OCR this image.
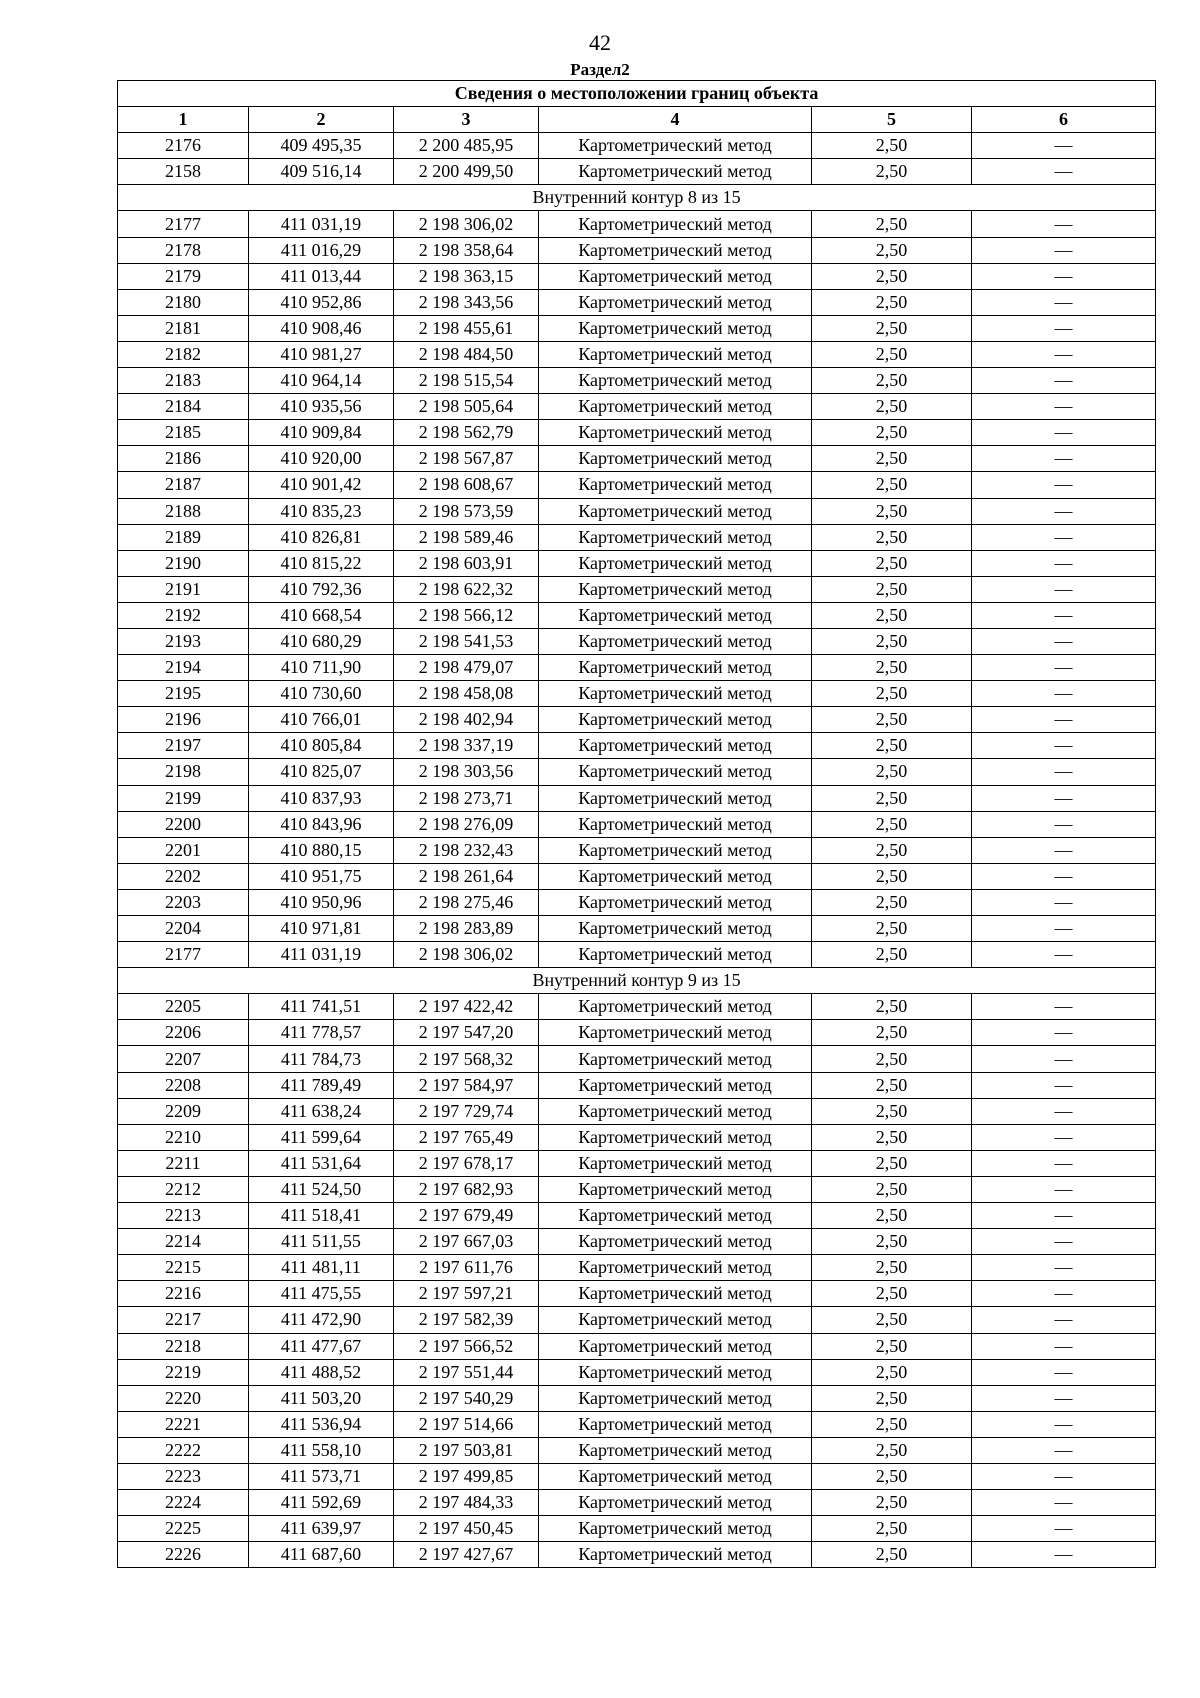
42
Раздел2
Сведения о местоположении границ объекта					
1	2	3	4	5	6
2176	409 495,35	2 200 485,95	Картометрический метод	2,50	—
2158	409 516,14	2 200 499,50	Картометрический метод	2,50	—
Внутренний контур 8 из 15					
2177	411 031,19	2 198 306,02	Картометрический метод	2,50	—
2178	411 016,29	2 198 358,64	Картометрический метод	2,50	—
2179	411 013,44	2 198 363,15	Картометрический метод	2,50	—
2180	410 952,86	2 198 343,56	Картометрический метод	2,50	—
2181	410 908,46	2 198 455,61	Картометрический метод	2,50	—
2182	410 981,27	2 198 484,50	Картометрический метод	2,50	—
2183	410 964,14	2 198 515,54	Картометрический метод	2,50	—
2184	410 935,56	2 198 505,64	Картометрический метод	2,50	—
2185	410 909,84	2 198 562,79	Картометрический метод	2,50	—
2186	410 920,00	2 198 567,87	Картометрический метод	2,50	—
2187	410 901,42	2 198 608,67	Картометрический метод	2,50	—
2188	410 835,23	2 198 573,59	Картометрический метод	2,50	—
2189	410 826,81	2 198 589,46	Картометрический метод	2,50	—
2190	410 815,22	2 198 603,91	Картометрический метод	2,50	—
2191	410 792,36	2 198 622,32	Картометрический метод	2,50	—
2192	410 668,54	2 198 566,12	Картометрический метод	2,50	—
2193	410 680,29	2 198 541,53	Картометрический метод	2,50	—
2194	410 711,90	2 198 479,07	Картометрический метод	2,50	—
2195	410 730,60	2 198 458,08	Картометрический метод	2,50	—
2196	410 766,01	2 198 402,94	Картометрический метод	2,50	—
2197	410 805,84	2 198 337,19	Картометрический метод	2,50	—
2198	410 825,07	2 198 303,56	Картометрический метод	2,50	—
2199	410 837,93	2 198 273,71	Картометрический метод	2,50	—
2200	410 843,96	2 198 276,09	Картометрический метод	2,50	—
2201	410 880,15	2 198 232,43	Картометрический метод	2,50	—
2202	410 951,75	2 198 261,64	Картометрический метод	2,50	—
2203	410 950,96	2 198 275,46	Картометрический метод	2,50	—
2204	410 971,81	2 198 283,89	Картометрический метод	2,50	—
2177	411 031,19	2 198 306,02	Картометрический метод	2,50	—
Внутренний контур 9 из 15					
2205	411 741,51	2 197 422,42	Картометрический метод	2,50	—
2206	411 778,57	2 197 547,20	Картометрический метод	2,50	—
2207	411 784,73	2 197 568,32	Картометрический метод	2,50	—
2208	411 789,49	2 197 584,97	Картометрический метод	2,50	—
2209	411 638,24	2 197 729,74	Картометрический метод	2,50	—
2210	411 599,64	2 197 765,49	Картометрический метод	2,50	—
2211	411 531,64	2 197 678,17	Картометрический метод	2,50	—
2212	411 524,50	2 197 682,93	Картометрический метод	2,50	—
2213	411 518,41	2 197 679,49	Картометрический метод	2,50	—
2214	411 511,55	2 197 667,03	Картометрический метод	2,50	—
2215	411 481,11	2 197 611,76	Картометрический метод	2,50	—
2216	411 475,55	2 197 597,21	Картометрический метод	2,50	—
2217	411 472,90	2 197 582,39	Картометрический метод	2,50	—
2218	411 477,67	2 197 566,52	Картометрический метод	2,50	—
2219	411 488,52	2 197 551,44	Картометрический метод	2,50	—
2220	411 503,20	2 197 540,29	Картометрический метод	2,50	—
2221	411 536,94	2 197 514,66	Картометрический метод	2,50	—
2222	411 558,10	2 197 503,81	Картометрический метод	2,50	—
2223	411 573,71	2 197 499,85	Картометрический метод	2,50	—
2224	411 592,69	2 197 484,33	Картометрический метод	2,50	—
2225	411 639,97	2 197 450,45	Картометрический метод	2,50	—
2226	411 687,60	2 197 427,67	Картометрический метод	2,50	—
